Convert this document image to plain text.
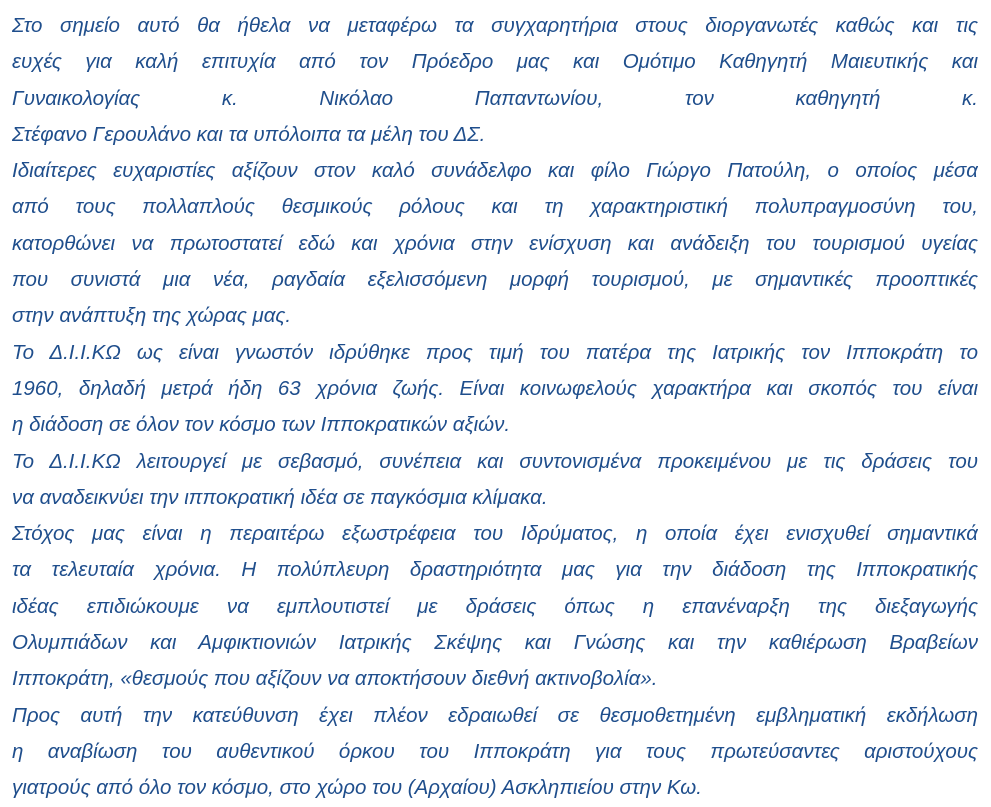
Στο σημείο αυτό θα ήθελα να μεταφέρω τα συγχαρητήρια στους διοργανωτές καθώς και τις
ευχές για καλή επιτυχία από τον Πρόεδρο μας και Ομότιμο Καθηγητή Μαιευτικής και
Γυναικολογίας κ. Νικόλαο Παπαντωνίου, τον καθηγητή κ.
Στέφανο Γερουλάνο και τα υπόλοιπα τα μέλη του ΔΣ.
Ιδιαίτερες ευχαριστίες αξίζουν στον καλό συνάδελφο και φίλο Γιώργο Πατούλη, ο οποίος μέσα
από τους πολλαπλούς θεσμικούς ρόλους και τη χαρακτηριστική πολυπραγμοσύνη του,
κατορθώνει να πρωτοστατεί εδώ και χρόνια στην ενίσχυση και ανάδειξη του τουρισμού υγείας
που συνιστά μια νέα, ραγδαία εξελισσόμενη μορφή τουρισμού, με σημαντικές προοπτικές
στην ανάπτυξη της χώρας μας.
Το Δ.Ι.Ι.ΚΩ ως είναι γνωστόν ιδρύθηκε προς τιμή του πατέρα της Ιατρικής τον Ιπποκράτη το
1960, δηλαδή μετρά ήδη 63 χρόνια ζωής. Είναι κοινωφελούς χαρακτήρα και σκοπός του είναι
η διάδοση σε όλον τον κόσμο των Ιπποκρατικών αξιών.
Το Δ.Ι.Ι.ΚΩ λειτουργεί με σεβασμό, συνέπεια και συντονισμένα προκειμένου με τις δράσεις του
να αναδεικνύει την ιπποκρατική ιδέα σε παγκόσμια κλίμακα.
Στόχος μας είναι η περαιτέρω εξωστρέφεια του Ιδρύματος, η οποία έχει ενισχυθεί σημαντικά
τα τελευταία χρόνια. Η πολύπλευρη δραστηριότητα μας για την διάδοση της Ιπποκρατικής
ιδέας επιδιώκουμε να εμπλουτιστεί με δράσεις όπως η επανέναρξη της διεξαγωγής
Ολυμπιάδων και Αμφικτιονιών Ιατρικής Σκέψης και Γνώσης και την καθιέρωση Βραβείων
Ιπποκράτη, «θεσμούς που αξίζουν να αποκτήσουν διεθνή ακτινοβολία».
Προς αυτή την κατεύθυνση έχει πλέον εδραιωθεί σε θεσμοθετημένη εμβληματική εκδήλωση
η αναβίωση του αυθεντικού όρκου του Ιπποκράτη για τους πρωτεύσαντες αριστούχους
γιατρούς από όλο τον κόσμο, στο χώρο του (Αρχαίου) Ασκληπιείου στην Κω.
